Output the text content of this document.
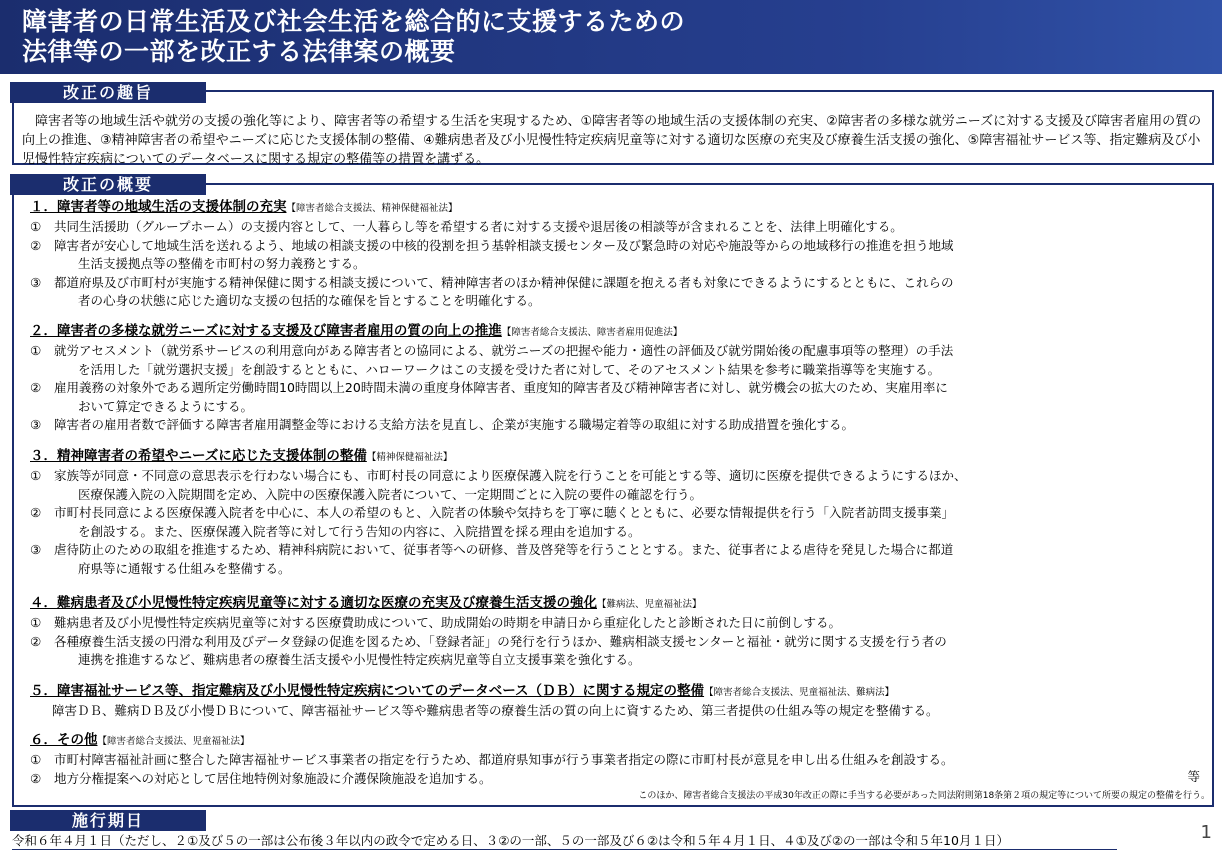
障害者の日常生活及び社会生活を総合的に支援するための
法律等の一部を改正する法律案の概要
障害者等の地域生活や就労の支援の強化等により、障害者等の希望する生活を実現するため、①障害者等の地域生活の支援体制の充実、②障害者の多様な就労ニーズに対する支援及び障害者雇用の質の向上の推進、③精神障害者の希望やニーズに応じた支援体制の整備、④難病患者及び小児慢性特定疾病児童等に対する適切な医療の充実及び療養生活支援の強化、⑤障害福祉サービス等、指定難病及び小児慢性特定疾病についてのデータベースに関する規定の整備等の措置を講ずる。
改正の趣旨
改正の概要
１．障害者等の地域生活の支援体制の充実【障害者総合支援法、精神保健福祉法】
① 共同生活援助（グループホーム）の支援内容として、一人暮らし等を希望する者に対する支援や退居後の相談等が含まれることを、法律上明確化する。
② 障害者が安心して地域生活を送れるよう、地域の相談支援の中核的役割を担う基幹相談支援センター及び緊急時の対応や施設等からの地域移行の推進を担う地域
生活支援拠点等の整備を市町村の努力義務とする。
③ 都道府県及び市町村が実施する精神保健に関する相談支援について、精神障害者のほか精神保健に課題を抱える者も対象にできるようにするとともに、これらの
者の心身の状態に応じた適切な支援の包括的な確保を旨とすることを明確化する。
２．障害者の多様な就労ニーズに対する支援及び障害者雇用の質の向上の推進【障害者総合支援法、障害者雇用促進法】
① 就労アセスメント（就労系サービスの利用意向がある障害者との協同による、就労ニーズの把握や能力・適性の評価及び就労開始後の配慮事項等の整理）の手法
を活用した「就労選択支援」を創設するとともに、ハローワークはこの支援を受けた者に対して、そのアセスメント結果を参考に職業指導等を実施する。
② 雇用義務の対象外である週所定労働時間10時間以上20時間未満の重度身体障害者、重度知的障害者及び精神障害者に対し、就労機会の拡大のため、実雇用率に
おいて算定できるようにする。
③ 障害者の雇用者数で評価する障害者雇用調整金等における支給方法を見直し、企業が実施する職場定着等の取組に対する助成措置を強化する。
３．精神障害者の希望やニーズに応じた支援体制の整備【精神保健福祉法】
① 家族等が同意・不同意の意思表示を行わない場合にも、市町村長の同意により医療保護入院を行うことを可能とする等、適切に医療を提供できるようにするほか、
医療保護入院の入院期間を定め、入院中の医療保護入院者について、一定期間ごとに入院の要件の確認を行う。
② 市町村長同意による医療保護入院者を中心に、本人の希望のもと、入院者の体験や気持ちを丁寧に聴くとともに、必要な情報提供を行う「入院者訪問支援事業」
を創設する。また、医療保護入院者等に対して行う告知の内容に、入院措置を採る理由を追加する。
③ 虐待防止のための取組を推進するため、精神科病院において、従事者等への研修、普及啓発等を行うこととする。また、従事者による虐待を発見した場合に都道
府県等に通報する仕組みを整備する。
４．難病患者及び小児慢性特定疾病児童等に対する適切な医療の充実及び療養生活支援の強化【難病法、児童福祉法】
① 難病患者及び小児慢性特定疾病児童等に対する医療費助成について、助成開始の時期を申請日から重症化したと診断された日に前倒しする。
② 各種療養生活支援の円滑な利用及びデータ登録の促進を図るため、「登録者証」の発行を行うほか、難病相談支援センターと福祉・就労に関する支援を行う者の
連携を推進するなど、難病患者の療養生活支援や小児慢性特定疾病児童等自立支援事業を強化する。
５．障害福祉サービス等、指定難病及び小児慢性特定疾病についてのデータベース（ＤＢ）に関する規定の整備【障害者総合支援法、児童福祉法、難病法】
障害ＤＢ、難病ＤＢ及び小慢ＤＢについて、障害福祉サービス等や難病患者等の療養生活の質の向上に資するため、第三者提供の仕組み等の規定を整備する。
６．その他【障害者総合支援法、児童福祉法】
① 市町村障害福祉計画に整合した障害福祉サービス事業者の指定を行うため、都道府県知事が行う事業者指定の際に市町村長が意見を申し出る仕組みを創設する。
② 地方分権提案への対応として居住地特例対象施設に介護保険施設を追加する。	等
このほか、障害者総合支援法の平成30年改正の際に手当する必要があった同法附則第18条第２項の規定等について所要の規定の整備を行う。
施行期日
令和６年４月１日（ただし、２①及び５の一部は公布後３年以内の政令で定める日、３②の一部、５の一部及び６②は令和５年４月１日、４①及び②の一部は令和５年10月１日）	1
